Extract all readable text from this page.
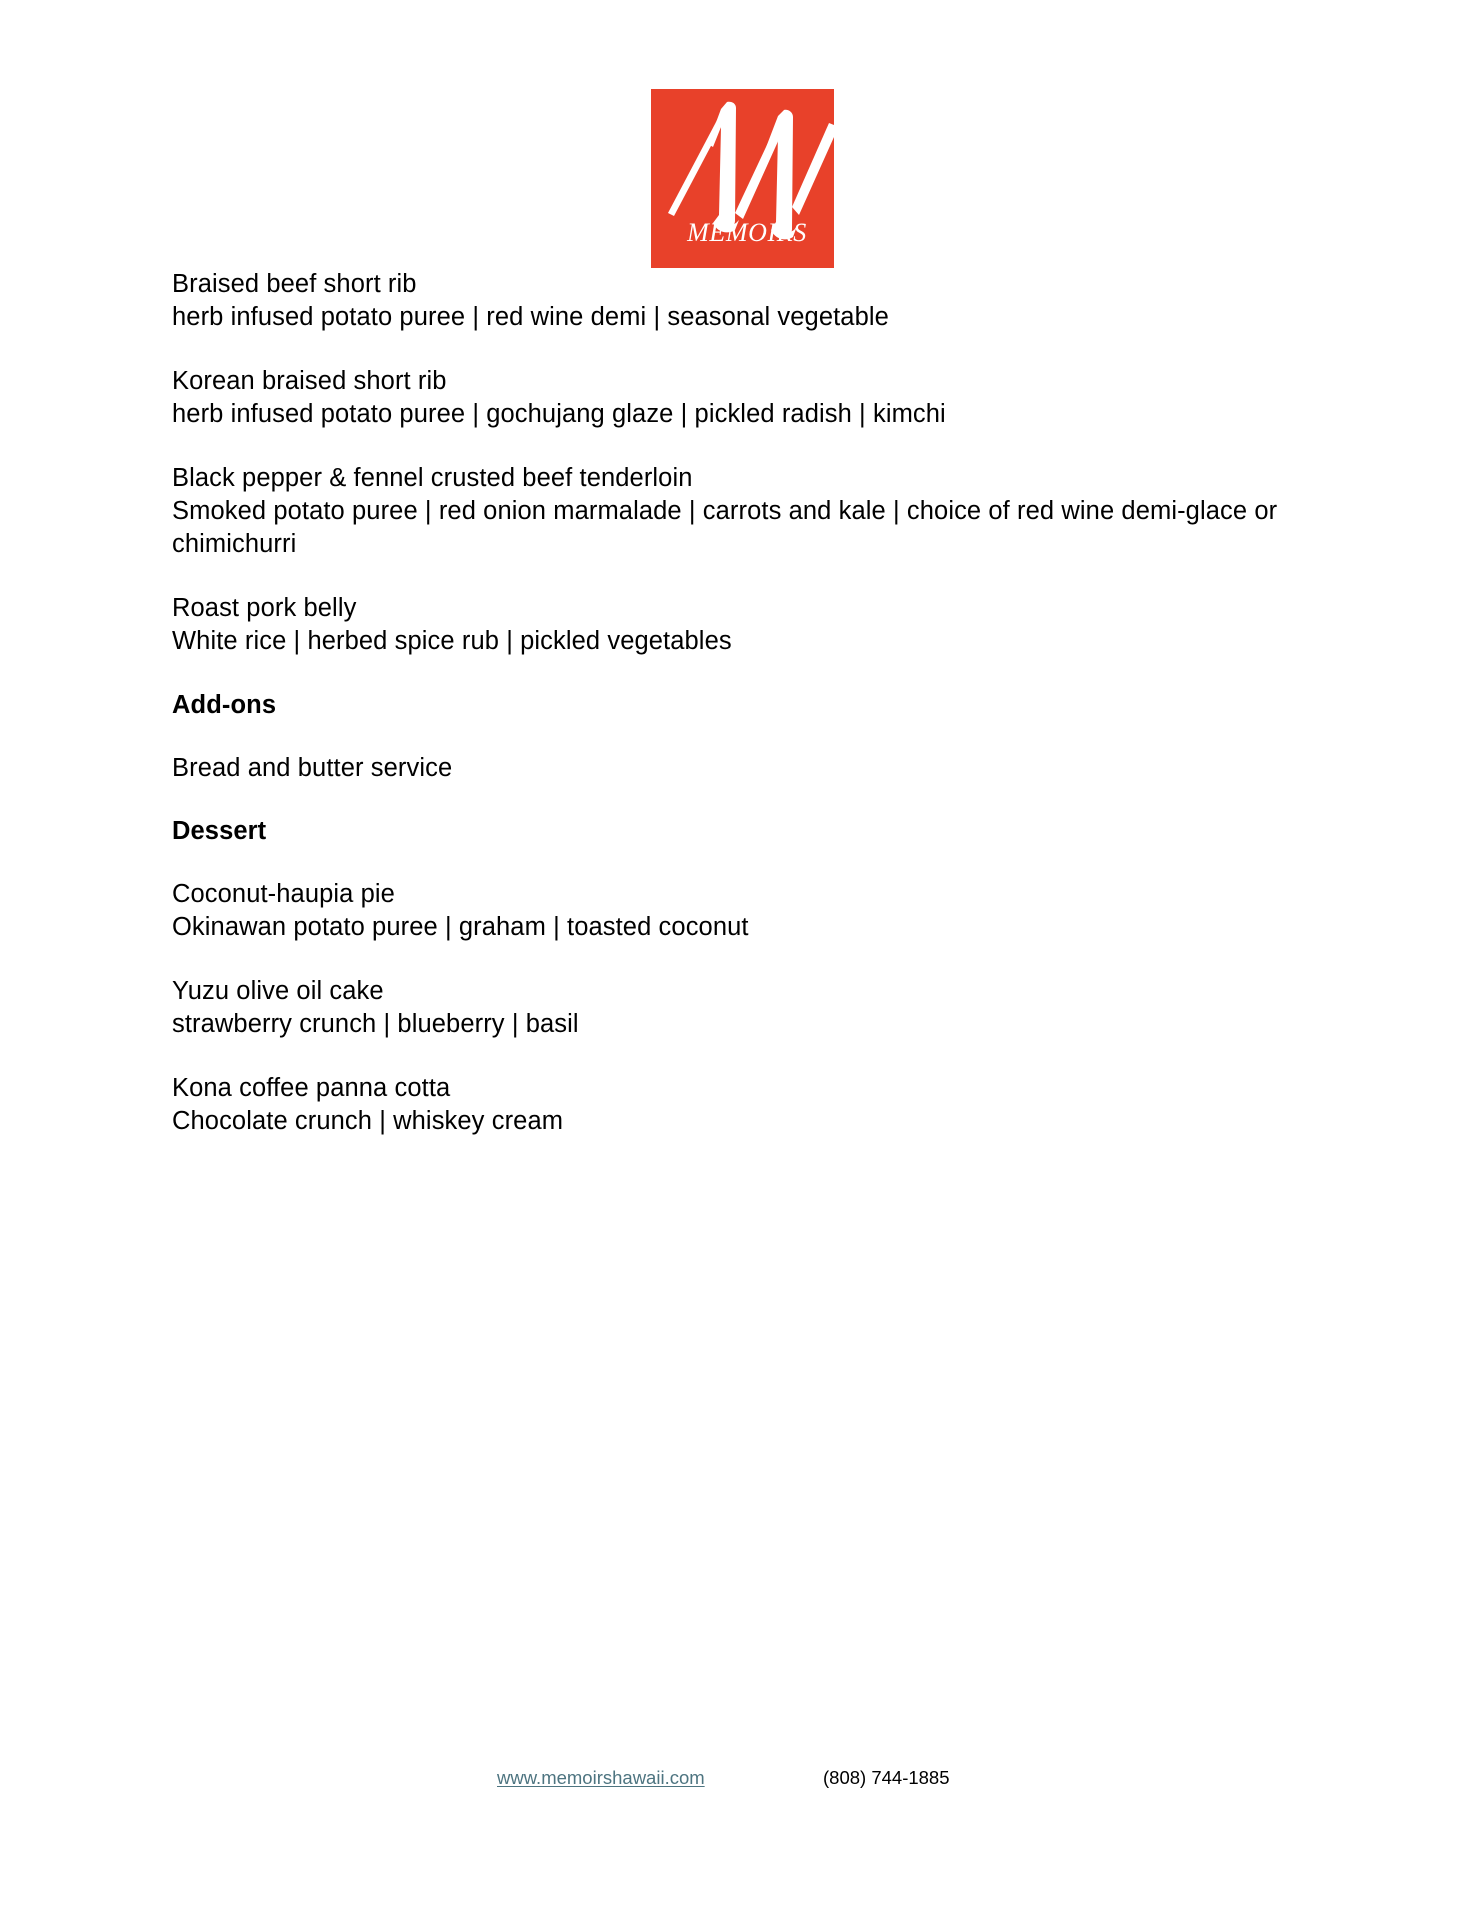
MEMOIRS
Braised beef short rib
herb infused potato puree | red wine demi | seasonal vegetable
Korean braised short rib
herb infused potato puree | gochujang glaze | pickled radish | kimchi
Black pepper & fennel crusted beef tenderloin
Smoked potato puree | red onion marmalade | carrots and kale | choice of red wine demi-glace or chimichurri
Roast pork belly
White rice | herbed spice rub | pickled vegetables
Add-ons
Bread and butter service
Dessert
Coconut-haupia pie
Okinawan potato puree | graham | toasted coconut
Yuzu olive oil cake
strawberry crunch | blueberry | basil
Kona coffee panna cotta
Chocolate crunch | whiskey cream
www.memoirshawaii.com	(808) 744-1885
